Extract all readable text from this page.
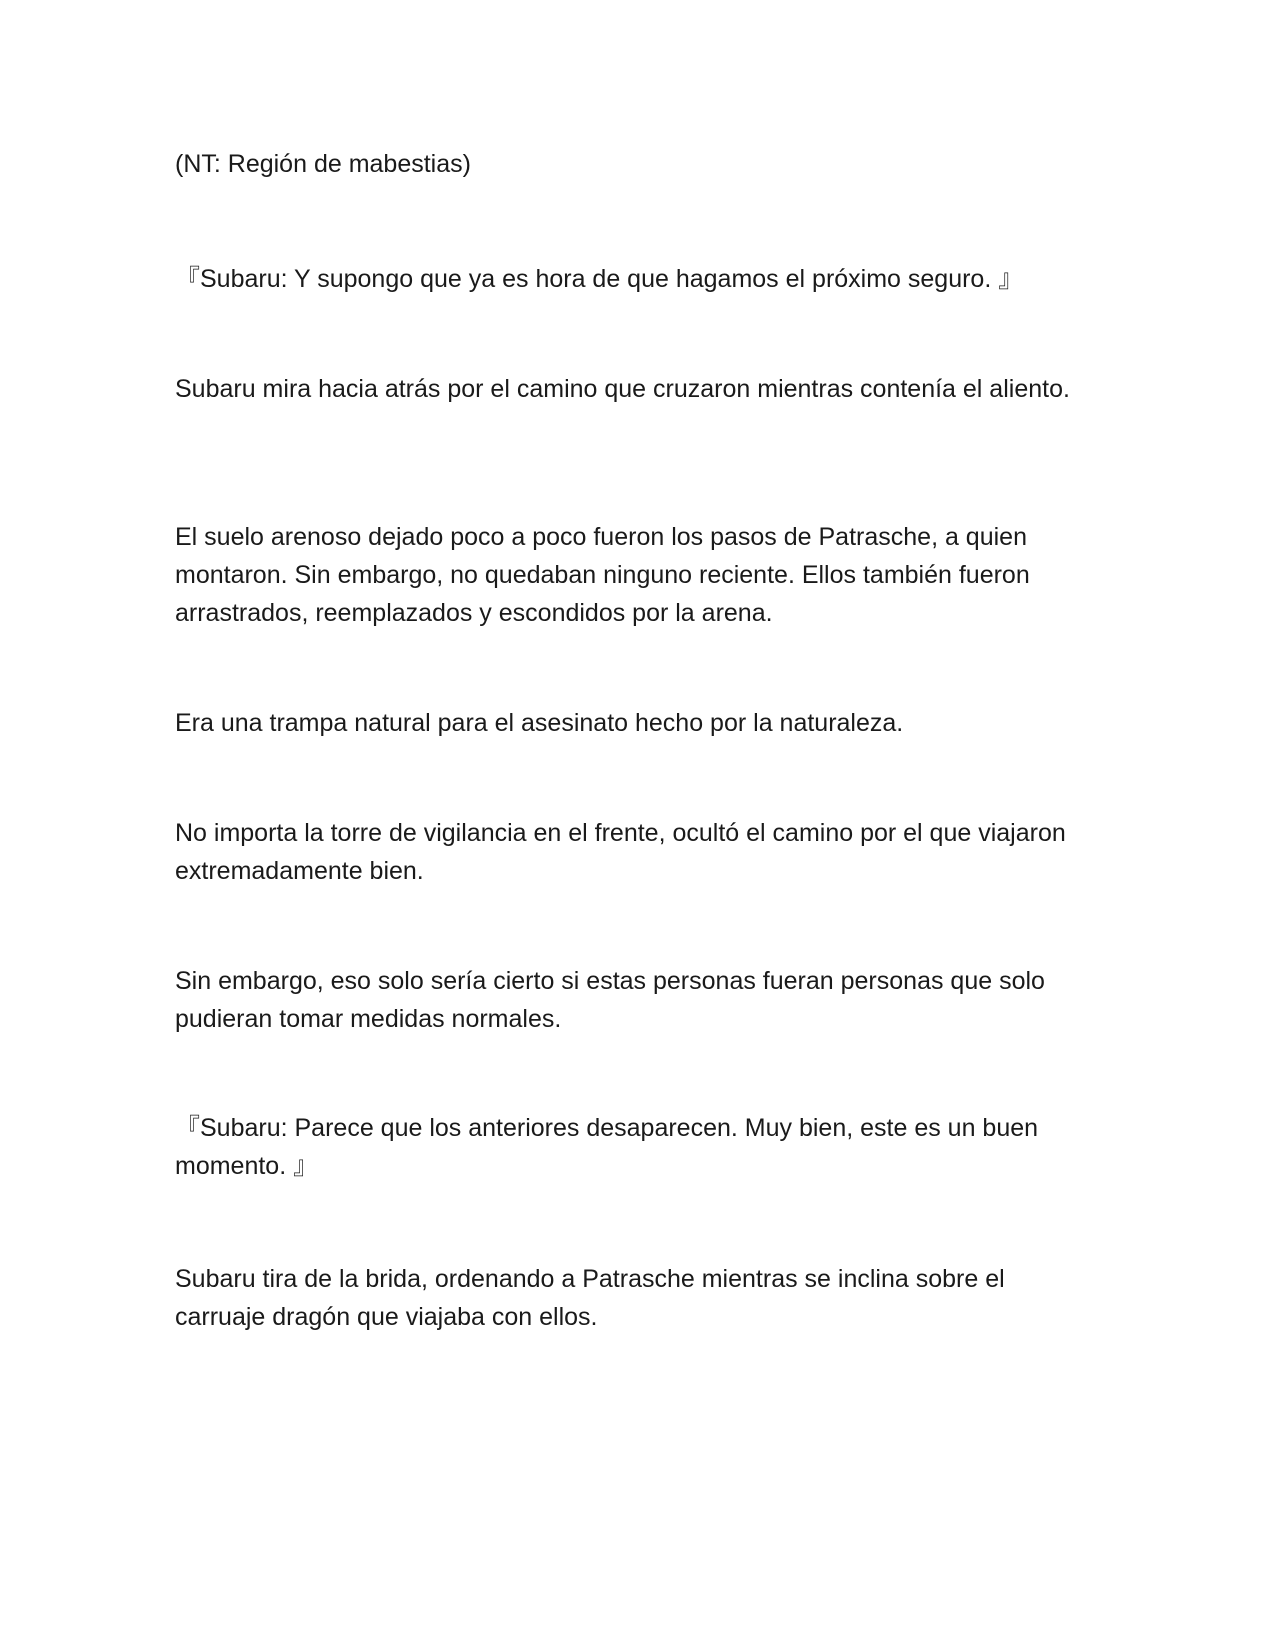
(NT: Región de mabestias)

『Subaru: Y supongo que ya es hora de que hagamos el próximo seguro. 』

Subaru mira hacia atrás por el camino que cruzaron mientras contenía el aliento.

El suelo arenoso dejado poco a poco fueron los pasos de Patrasche, a quien montaron. Sin embargo, no quedaban ninguno reciente. Ellos también fueron arrastrados, reemplazados y escondidos por la arena.

Era una trampa natural para el asesinato hecho por la naturaleza.

No importa la torre de vigilancia en el frente, ocultó el camino por el que viajaron extremadamente bien.

Sin embargo, eso solo sería cierto si estas personas fueran personas que solo pudieran tomar medidas normales.

『Subaru: Parece que los anteriores desaparecen. Muy bien, este es un buen momento. 』

Subaru tira de la brida, ordenando a Patrasche mientras se inclina sobre el carruaje dragón que viajaba con ellos.
